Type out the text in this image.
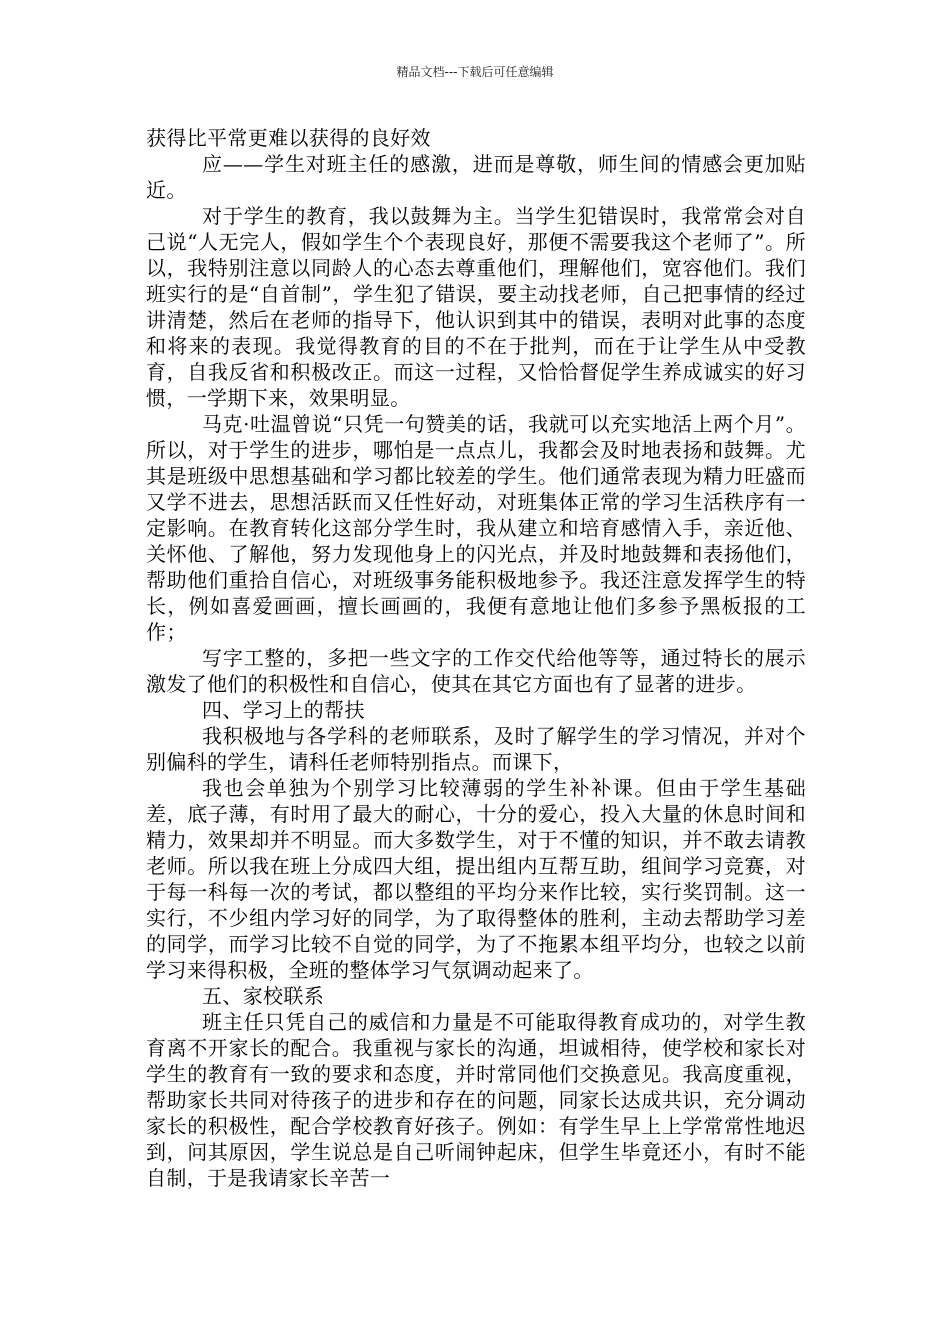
精品文档---下载后可任意编辑

获得比平常更难以获得的良好效

应——学生对班主任的感激，进而是尊敬，师生间的情感会更加贴近。

对于学生的教育，我以鼓舞为主。当学生犯错误时，我常常会对自己说“人无完人，假如学生个个表现良好，那便不需要我这个老师了”。所以，我特别注意以同龄人的心态去尊重他们，理解他们，宽容他们。我们班实行的是“自首制”，学生犯了错误，要主动找老师，自己把事情的经过讲清楚，然后在老师的指导下，他认识到其中的错误，表明对此事的态度和将来的表现。我觉得教育的目的不在于批判，而在于让学生从中受教育，自我反省和积极改正。而这一过程，又恰恰督促学生养成诚实的好习惯，一学期下来，效果明显。

马克·吐温曾说“只凭一句赞美的话，我就可以充实地活上两个月”。所以，对于学生的进步，哪怕是一点点儿，我都会及时地表扬和鼓舞。尤其是班级中思想基础和学习都比较差的学生。他们通常表现为精力旺盛而又学不进去，思想活跃而又任性好动，对班集体正常的学习生活秩序有一定影响。在教育转化这部分学生时，我从建立和培育感情入手，亲近他、关怀他、了解他，努力发现他身上的闪光点，并及时地鼓舞和表扬他们，帮助他们重拾自信心，对班级事务能积极地参予。我还注意发挥学生的特长，例如喜爱画画，擅长画画的，我便有意地让他们多参予黑板报的工作；

写字工整的，多把一些文字的工作交代给他等等，通过特长的展示激发了他们的积极性和自信心，使其在其它方面也有了显著的进步。

四、学习上的帮扶

我积极地与各学科的老师联系，及时了解学生的学习情况，并对个别偏科的学生，请科任老师特别指点。而课下，

我也会单独为个别学习比较薄弱的学生补补课。但由于学生基础差，底子薄，有时用了最大的耐心，十分的爱心，投入大量的休息时间和精力，效果却并不明显。而大多数学生，对于不懂的知识，并不敢去请教老师。所以我在班上分成四大组，提出组内互帮互助，组间学习竞赛，对于每一科每一次的考试，都以整组的平均分来作比较，实行奖罚制。这一实行，不少组内学习好的同学，为了取得整体的胜利，主动去帮助学习差的同学，而学习比较不自觉的同学，为了不拖累本组平均分，也较之以前学习来得积极，全班的整体学习气氛调动起来了。

五、家校联系

班主任只凭自己的威信和力量是不可能取得教育成功的，对学生教育离不开家长的配合。我重视与家长的沟通，坦诚相待，使学校和家长对学生的教育有一致的要求和态度，并时常同他们交换意见。我高度重视，帮助家长共同对待孩子的进步和存在的问题，同家长达成共识，充分调动家长的积极性，配合学校教育好孩子。例如：有学生早上上学常常性地迟到，问其原因，学生说总是自己听闹钟起床，但学生毕竟还小，有时不能自制，于是我请家长辛苦一
